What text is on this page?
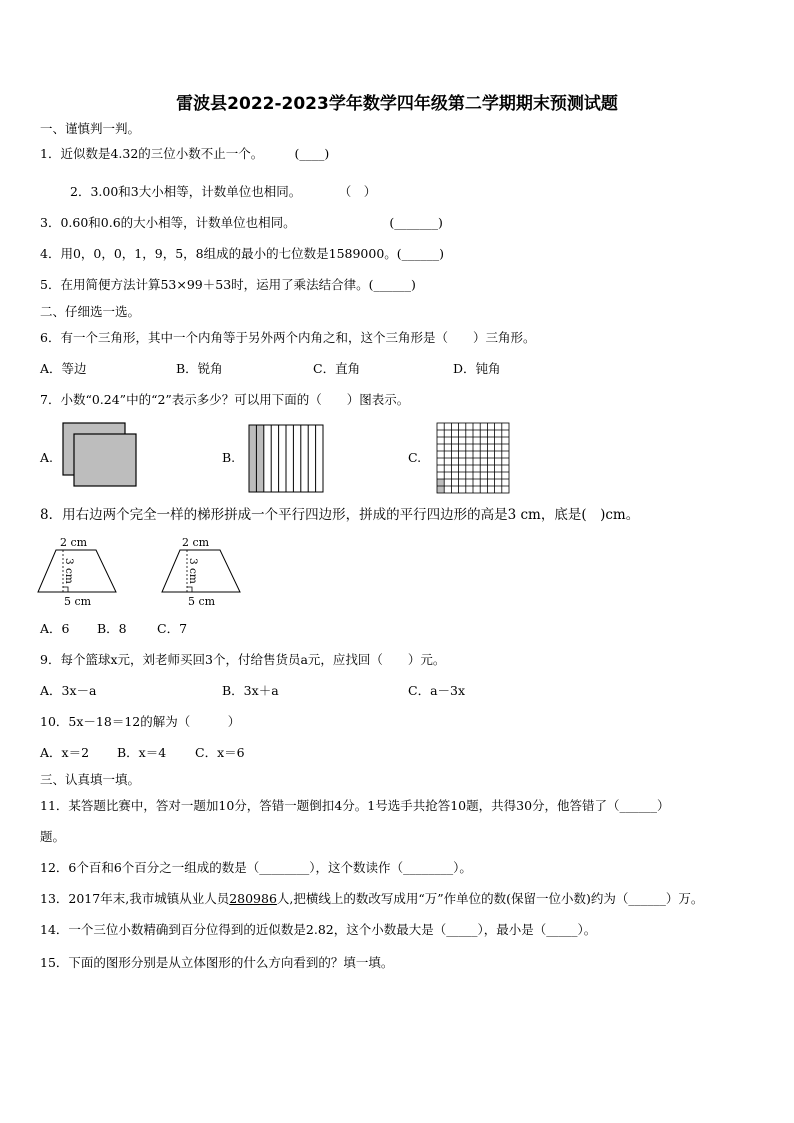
雷波县2022-2023学年数学四年级第二学期期末预测试题
一、谨慎判一判。
1．近似数是4.32的三位小数不止一个。　　　(____)
2．3.00和3大小相等，计数单位也相同。　　　　（　）
3．0.60和0.6的大小相等，计数单位也相同。　　　　　　　　(_______)
4．用0，0，0，1，9，5，8组成的最小的七位数是1589000。(______)
5．在用简便方法计算53×99＋53时，运用了乘法结合律。(______)
二、仔细选一选。
6．有一个三角形，其中一个内角等于另外两个内角之和，这个三角形是（　　）三角形。
A．等边	B．锐角	C．直角	D．钝角
7．小数“0.24”中的“2”表示多少？可以用下面的（　　）图表示。
A.	B.	C.
8．用右边两个完全一样的梯形拼成一个平行四边形，拼成的平行四边形的高是3 cm，底是(　)cm。
2 cm
3 cm
5 cm
2 cm
3 cm
5 cm
A．6 B．8 C．7
9．每个篮球x元，刘老师买回3个，付给售货员a元，应找回（　　）元。
A．3x－a	B．3x＋a	C．a－3x
10．5x－18＝12的解为（　　　）
A．x＝2 B．x＝4 C．x＝6
三、认真填一填。
11．某答题比赛中，答对一题加10分，答错一题倒扣4分。1号选手共抢答10题，共得30分，他答错了（______）
题。
12．6个百和6个百分之一组成的数是（________），这个数读作（________）。
13．2017年末,我市城镇从业人员280986人,把横线上的数改写成用“万”作单位的数(保留一位小数)约为（______）万。
14．一个三位小数精确到百分位得到的近似数是2.82，这个小数最大是（_____），最小是（_____）。
15．下面的图形分别是从立体图形的什么方向看到的？填一填。
